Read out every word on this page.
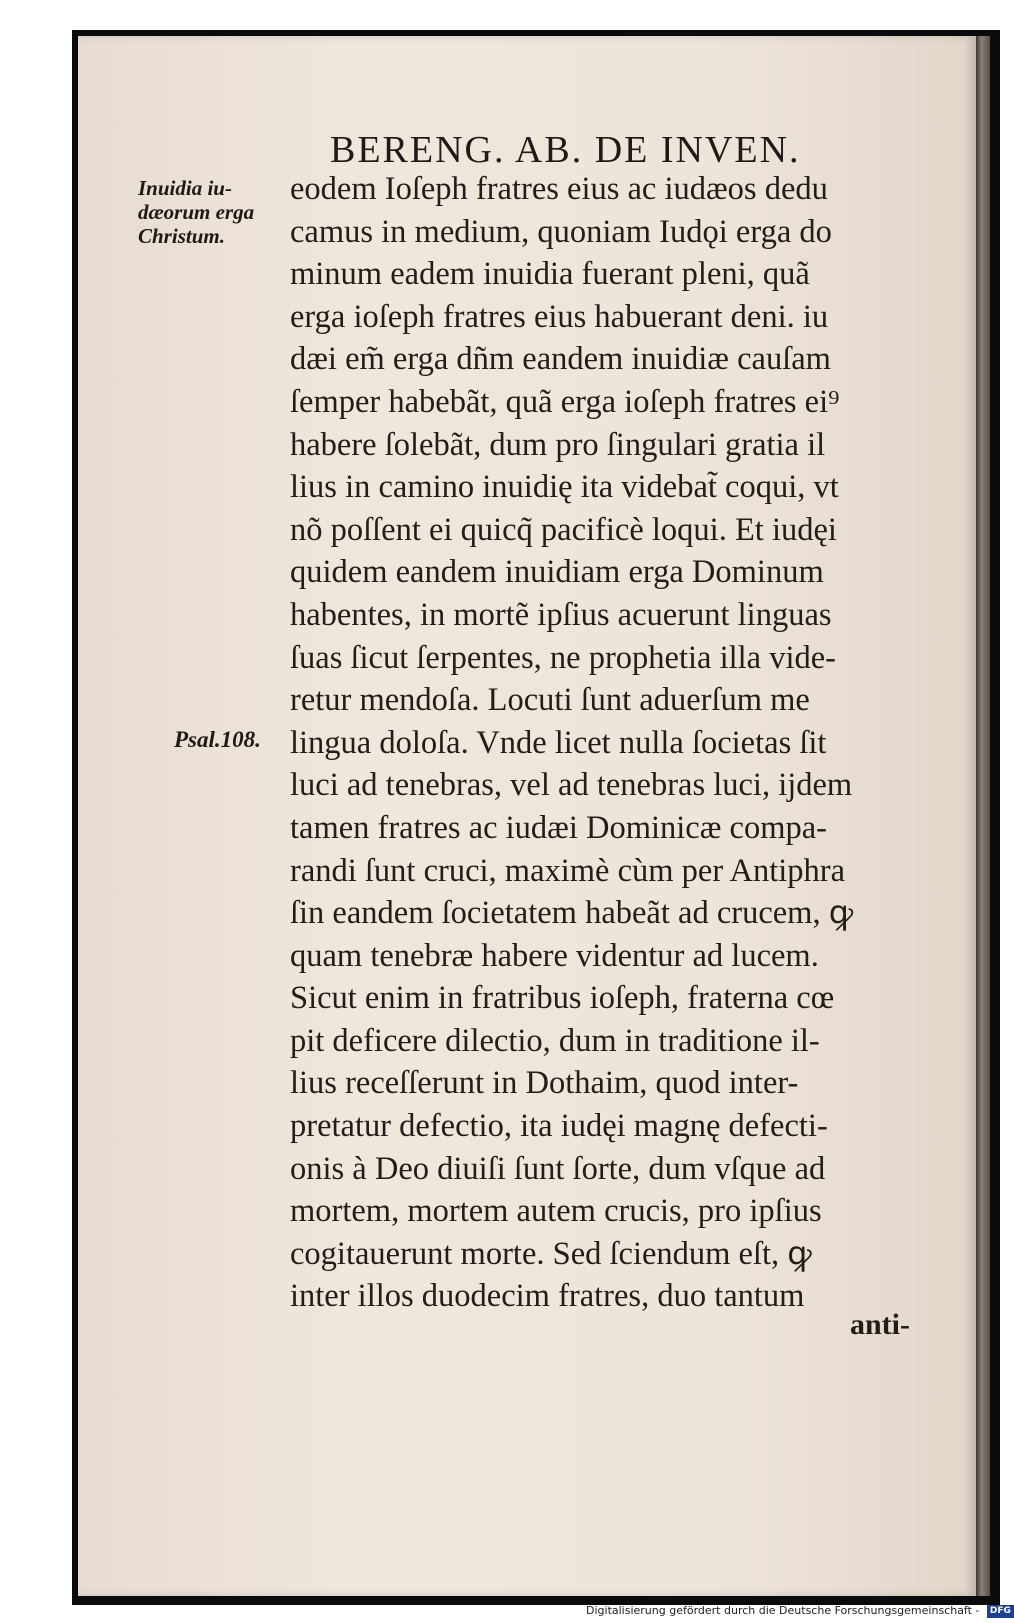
BERENG. AB. DE INVEN.
Inuidia iu-
dæorum erga
Christum.
Psal.108.
eodem Ioſeph fratres eius ac iudæos dedu
camus in medium, quoniam Iudǫi erga do
minum eadem inuidia fuerant pleni, quã
erga ioſeph fratres eius habuerant deni. iu
dæi em̃ erga dñm eandem inuidiæ cauſam
ſemper habebãt, quã erga ioſeph fratres ei⁹
habere ſolebãt, dum pro ſingulari gratia il
lius in camino inuidię ita videbat̃ coqui, vt
nõ poſſent ei quicq̃ pacificè loqui. Et iudęi
quidem eandem inuidiam erga Dominum
habentes, in mortẽ ipſius acuerunt linguas
ſuas ſicut ſerpentes, ne prophetia illa vide-
retur mendoſa. Locuti ſunt aduerſum me
lingua doloſa. Vnde licet nulla ſocietas ſit
luci ad tenebras, vel ad tenebras luci, ijdem
tamen fratres ac iudæi Dominicæ compa-
randi ſunt cruci, maximè cùm per Antiphra
ſin eandem ſocietatem habeãt ad crucem, ꝙ
quam tenebræ habere videntur ad lucem.
Sicut enim in fratribus ioſeph, fraterna cœ
pit deficere dilectio, dum in traditione il-
lius receſſerunt in Dothaim, quod inter-
pretatur defectio, ita iudęi magnę defecti-
onis à Deo diuiſi ſunt ſorte, dum vſque ad
mortem, mortem autem crucis, pro ipſius
cogitauerunt morte. Sed ſciendum eſt, ꝙ
inter illos duodecim fratres, duo tantum
anti-
Digitalisierung gefördert durch die Deutsche Forschungsgemeinschaft - DFG
